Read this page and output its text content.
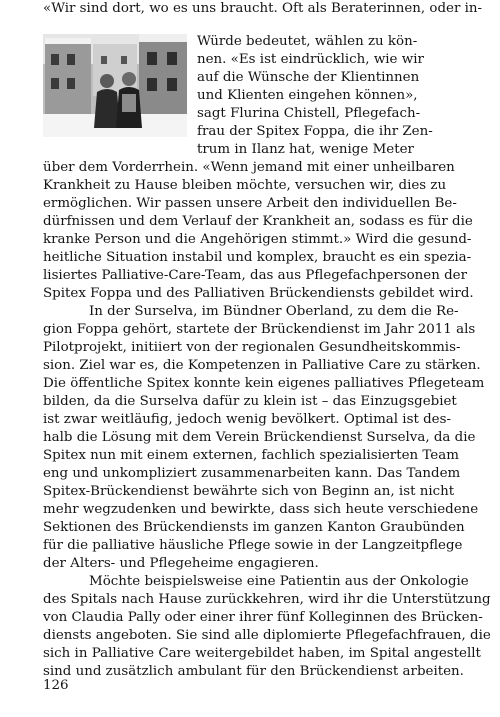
Würde bedeutet, wählen zu kön-
nen. «Es ist eindrücklich, wie wir
auf die Wünsche der Klientinnen
und Klienten eingehen können»,
sagt Flurina Chistell, Pflegefach-
frau der Spitex Foppa, die ihr Zen-
trum in Ilanz hat, wenige Meter
über dem Vorderrhein. «Wenn jemand mit einer unheilbaren
Krankheit zu Hause bleiben möchte, versuchen wir, dies zu
ermöglichen. Wir passen unsere Arbeit den individuellen Be-
dürfnissen und dem Verlauf der Krankheit an, sodass es für die
kranke Person und die Angehörigen stimmt.» Wird die gesund-
heitliche Situation instabil und komplex, braucht es ein spezia-
lisiertes Palliative-Care-Team, das aus Pflegefachpersonen der
Spitex Foppa und des Palliativen Brückendiensts gebildet wird.
In der Surselva, im Bündner Oberland, zu dem die Re-
gion Foppa gehört, startete der Brückendienst im Jahr 2011 als
Pilotprojekt, initiiert von der regionalen Gesundheitskommis-
sion. Ziel war es, die Kompetenzen in Palliative Care zu stärken.
Die öffentliche Spitex konnte kein eigenes palliatives Pflegeteam
bilden, da die Surselva dafür zu klein ist – das Einzugsgebiet
ist zwar weitläufig, jedoch wenig bevölkert. Optimal ist des-
halb die Lösung mit dem Verein Brückendienst Surselva, da die
Spitex nun mit einem externen, fachlich spezialisierten Team
eng und unkompliziert zusammenarbeiten kann. Das Tandem
Spitex-Brückendienst bewährte sich von Beginn an, ist nicht
mehr wegzudenken und bewirkte, dass sich heute verschiedene
Sektionen des Brückendiensts im ganzen Kanton Graubünden
für die palliative häusliche Pflege sowie in der Langzeitpflege
der Alters- und Pflegeheime engagieren.
Möchte beispielsweise eine Patientin aus der Onkologie
des Spitals nach Hause zurückkehren, wird ihr die Unterstützung
von Claudia Pally oder einer ihrer fünf Kolleginnen des Brücken-
diensts angeboten. Sie sind alle diplomierte Pflegefachfrauen, die
sich in Palliative Care weitergebildet haben, im Spital angestellt
sind und zusätzlich ambulant für den Brückendienst arbeiten.
«Wir sind dort, wo es uns braucht. Oft als Beraterinnen, oder in-
126
